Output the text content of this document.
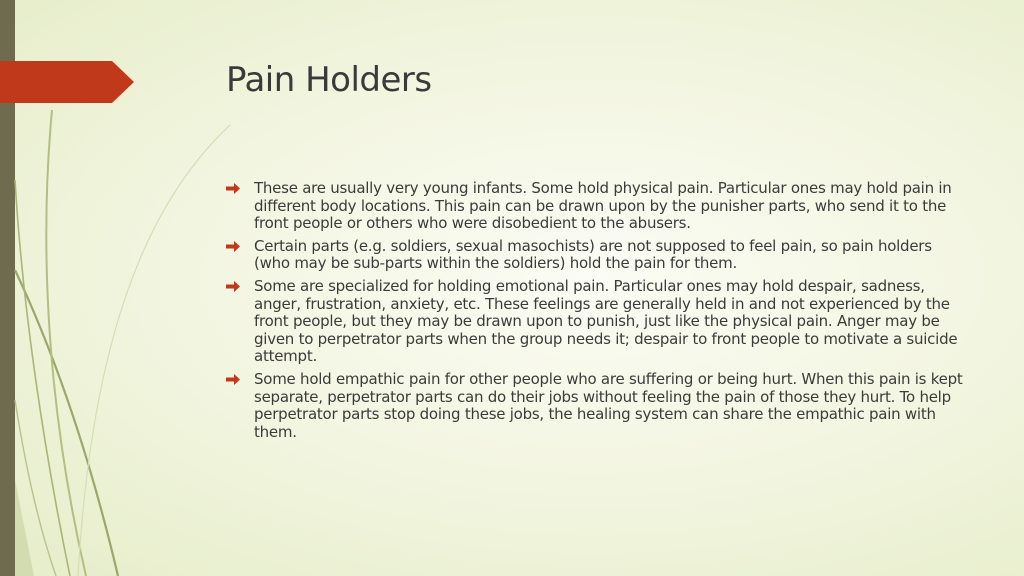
Pain Holders
These are usually very young infants. Some hold physical pain. Particular ones may hold pain in different body locations. This pain can be drawn upon by the punisher parts, who send it to the front people or others who were disobedient to the abusers.
Certain parts (e.g. soldiers, sexual masochists) are not supposed to feel pain, so pain holders (who may be sub-parts within the soldiers) hold the pain for them.
Some are specialized for holding emotional pain. Particular ones may hold despair, sadness, anger, frustration, anxiety, etc. These feelings are generally held in and not experienced by the front people, but they may be drawn upon to punish, just like the physical pain. Anger may be given to perpetrator parts when the group needs it; despair to front people to motivate a suicide attempt.
Some hold empathic pain for other people who are suffering or being hurt. When this pain is kept separate, perpetrator parts can do their jobs without feeling the pain of those they hurt. To help perpetrator parts stop doing these jobs, the healing system can share the empathic pain with them.
